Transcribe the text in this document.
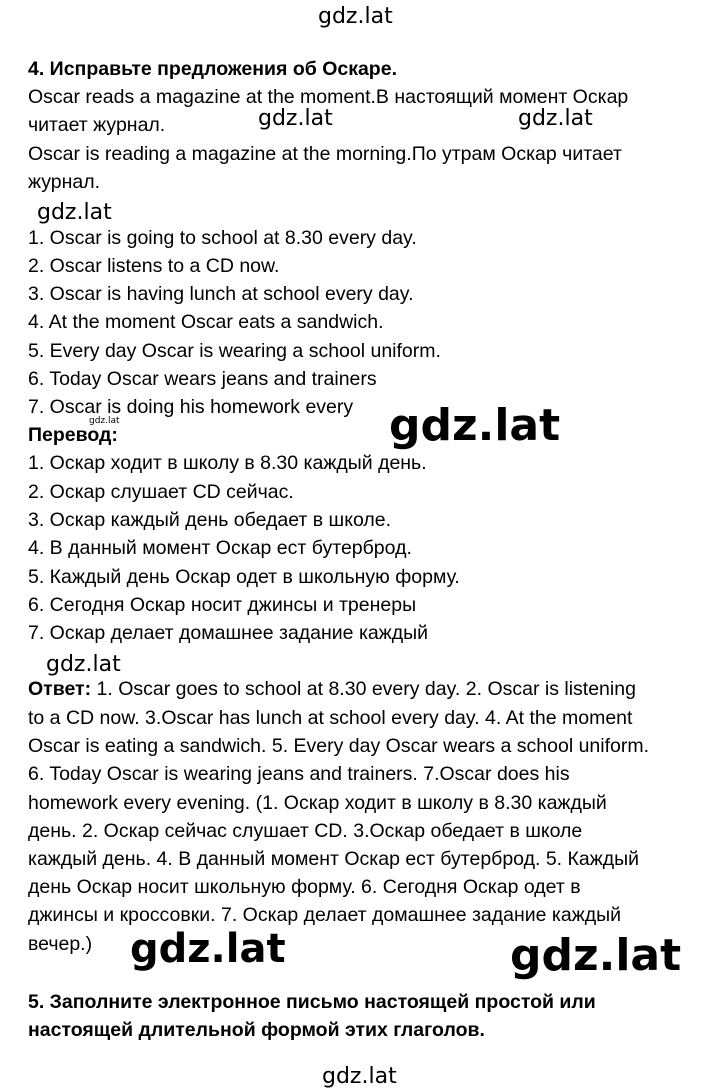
gdz.lat
4. Исправьте предложения об Оскаре.
Oscar reads a magazine at the moment.В настоящий момент Оскар
читает журнал.	gdz.lat	gdz.lat
Oscar is reading a magazine at the morning.По утрам Оскар читает
журнал.
gdz.lat
1. Oscar is going to school at 8.30 every day.
2. Oscar listens to a CD now.
3. Oscar is having lunch at school every day.
4. At the moment Oscar eats a sandwich.
5. Every day Oscar is wearing a school uniform.
6. Today Oscar wears jeans and trainers
7. Oscar is doing his homework every
gdz.lat
Перевод:	gdz.lat
1. Оскар ходит в школу в 8.30 каждый день.
2. Оскар слушает CD сейчас.
3. Оскар каждый день обедает в школе.
4. В данный момент Оскар ест бутерброд.
5. Каждый день Оскар одет в школьную форму.
6. Сегодня Оскар носит джинсы и тренеры
7. Оскар делает домашнее задание каждый
gdz.lat
Ответ: 1. Oscar goes to school at 8.30 every day. 2. Oscar is listening
to a CD now. 3.Oscar has lunch at school every day. 4. At the moment
Oscar is eating a sandwich. 5. Every day Oscar wears a school uniform.
6. Today Oscar is wearing jeans and trainers. 7.Oscar does his
homework every evening. (1. Оскар ходит в школу в 8.30 каждый
день. 2. Оскар сейчас слушает CD. 3.Оскар обедает в школе
каждый день. 4. В данный момент Оскар ест бутерброд. 5. Каждый
день Оскар носит школьную форму. 6. Сегодня Оскар одет в
джинсы и кроссовки. 7. Оскар делает домашнее задание каждый
вечер.) gdz.lat	gdz.lat
5. Заполните электронное письмо настоящей простой или
настоящей длительной формой этих глаголов.
gdz.lat
